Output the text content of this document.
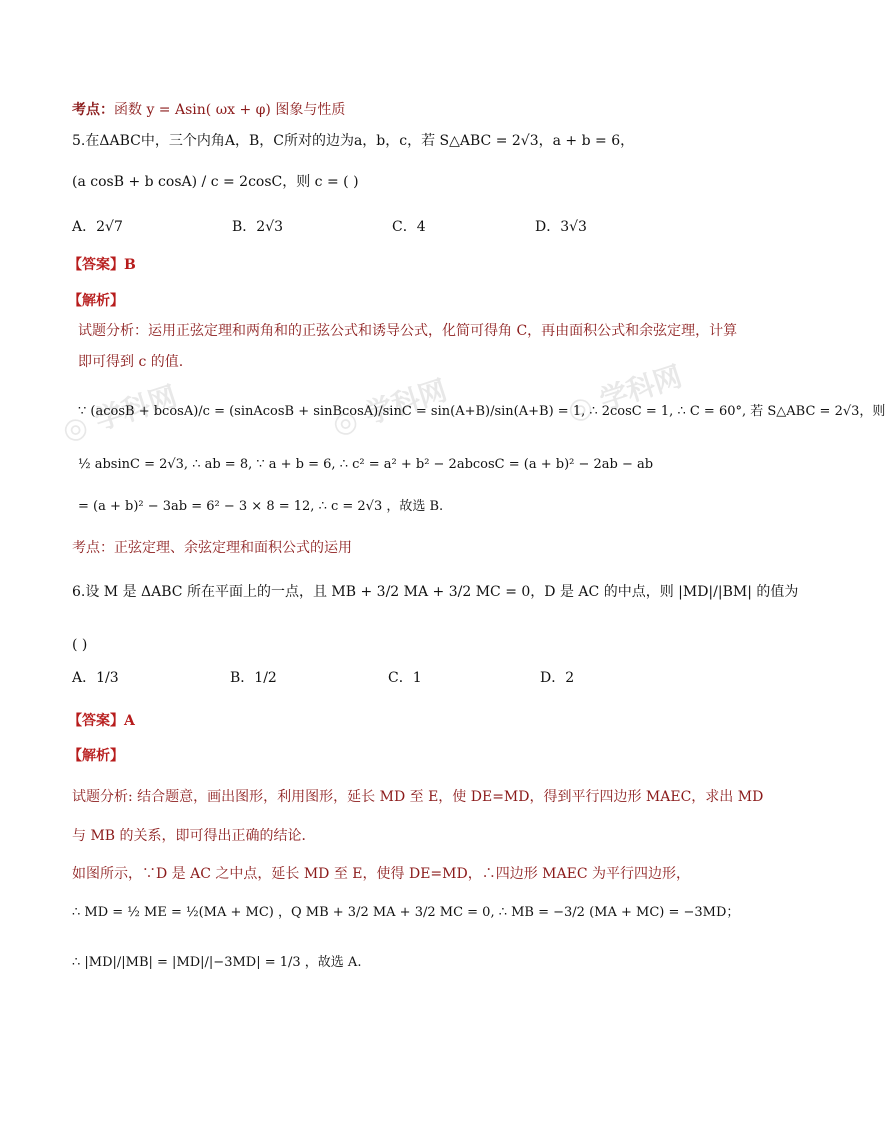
◎ 学科网	◎ 学科网	◎ 学科网
考点：函数 y = Asin( ωx + φ) 图象与性质
5.在ΔABC中，三个内角A，B，C所对的边为a，b，c，若 S△ABC = 2√3，a + b = 6，
(a cosB + b cosA) / c = 2cosC，则 c = ( )
A．2√7	B．2√3	C．4	D．3√3
【答案】B
【解析】
试题分析：运用正弦定理和两角和的正弦公式和诱导公式，化简可得角 C，再由面积公式和余弦定理，计算
即可得到 c 的值.
∵ (acosB + bcosA)/c = (sinAcosB + sinBcosA)/sinC = sin(A+B)/sin(A+B) = 1, ∴ 2cosC = 1, ∴ C = 60°, 若 S△ABC = 2√3，则
½ absinC = 2√3, ∴ ab = 8, ∵ a + b = 6, ∴ c² = a² + b² − 2abcosC = (a + b)² − 2ab − ab
= (a + b)² − 3ab = 6² − 3 × 8 = 12, ∴ c = 2√3 ，故选 B.
考点：正弦定理、余弦定理和面积公式的运用
6.设 M 是 ΔABC 所在平面上的一点，且 MB + 3/2 MA + 3/2 MC = 0，D 是 AC 的中点，则 |MD|/|BM| 的值为
( )
A．1/3	B．1/2	C．1	D．2
【答案】A
【解析】
试题分析: 结合题意，画出图形，利用图形，延长 MD 至 E，使 DE=MD，得到平行四边形 MAEC，求出 MD
与 MB 的关系，即可得出正确的结论．
如图所示，∵D 是 AC 之中点，延长 MD 至 E，使得 DE=MD，∴四边形 MAEC 为平行四边形，
∴ MD = ½ ME = ½(MA + MC) ，Q MB + 3/2 MA + 3/2 MC = 0, ∴ MB = −3/2 (MA + MC) = −3MD；
∴ |MD|/|MB| = |MD|/|−3MD| = 1/3 ，故选 A.
